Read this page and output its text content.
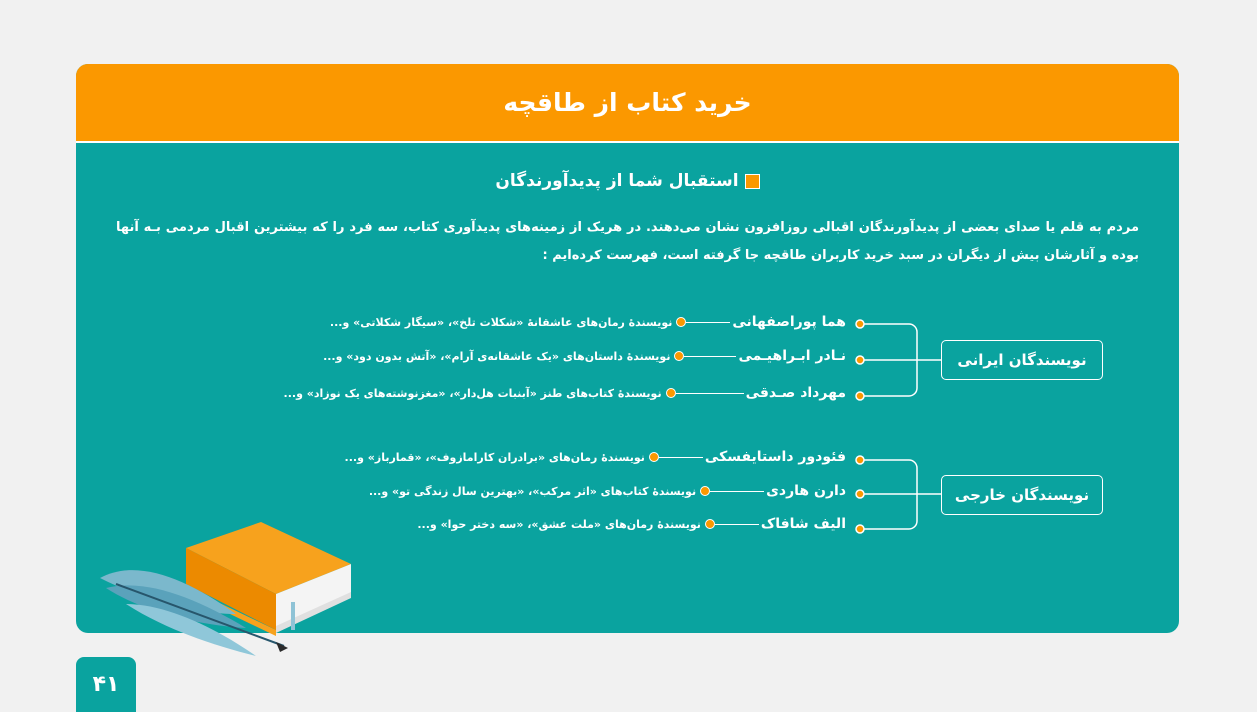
خرید کتاب از طاقچه
استقبال شما از پدیدآورندگان
مردم به قلم یا صدای بعضی از پدیدآورندگان اقبالی روزافزون نشان می‌دهند. در هریک از زمینه‌های پدیدآوری کتاب، سه فرد را که بیشترین اقبال مردمی بـه آنها بوده و آثارشان بیش از دیگران در سبد خرید کاربران طاقچه جا گرفته است، فهرست کرده‌ایم :
نویسندگان ایرانی
نویسندگان خارجی
هما پوراصفهانی
نویسندهٔ رمان‌های عاشقانهٔ «شکلات تلخ»، «سیگار شکلاتی» و...
نـادر ابـراهیـمی
نویسندهٔ داستان‌های «یک عاشقانه‌ی آرام»، «آتش بدون دود» و...
مهرداد صـدقی
نویسندهٔ کتاب‌های طنز «آبنبات هل‌دار»، «مغزنوشته‌های یک نوزاد» و...
فئودور داستایفسکی
نویسندهٔ رمان‌های «برادران کارامازوف»، «قمارباز» و...
دارن هاردی
نویسندهٔ کتاب‌های «اثر مرکب»، «بهترین سال زندگی تو» و...
الیف شافاک
نویسندهٔ رمان‌های «ملت عشق»، «سه دختر حوا» و...
۴۱
